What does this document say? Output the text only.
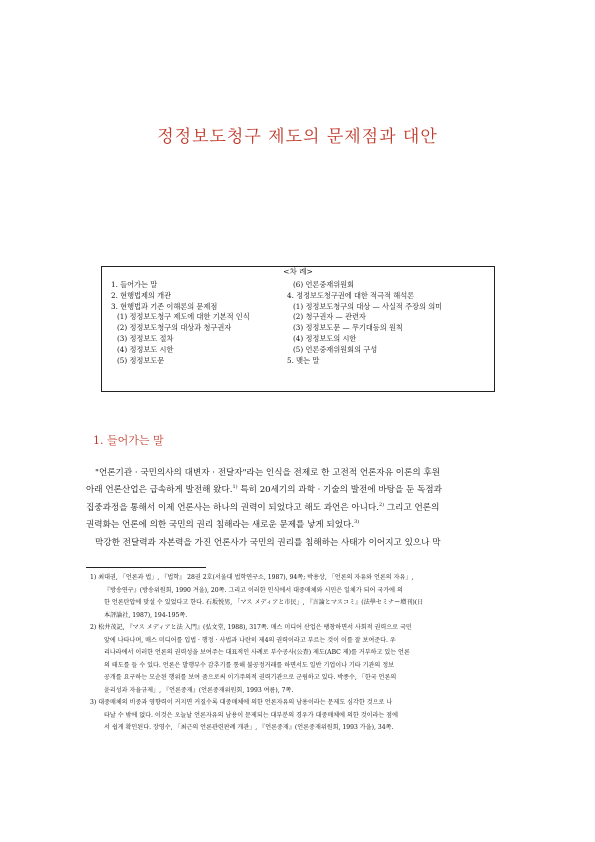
정정보도청구 제도의 문제점과 대안
<차 례>
1. 들어가는 말
2. 현행법제의 개관
3. 현행법과 기존 이해론의 문제점
(1) 정정보도청구 제도에 대한 기본적 인식
(2) 정정보도청구의 대상과 청구권자
(3) 정정보도 절차
(4) 정정보도 시한
(5) 정정보도문
(6) 언론중재위원회
4. 정정보도청구권에 대한 적극적 해석론
(1) 정정보도청구의 대상 — 사실적 주장의 의미
(2) 청구권자 — 관련자
(3) 정정보도문 — 무기대등의 원칙
(4) 정정보도의 시한
(5) 언론중재위원회의 구성
5. 맺는 말
1. 들어가는 말
"언론기관 · 국민의사의 대변자 · 전달자"라는 인식을 전제로 한 고전적 언론자유 이론의 후원
아래 언론산업은 급속하게 발전해 왔다.$^{1)}$ 특히 20세기의 과학 · 기술의 발전에 바탕을 둔 독점과
집중과정을 통해서 이제 언론사는 하나의 권력이 되었다고 해도 과언은 아니다.$^{2)}$ 그리고 언론의
권력화는 언론에 의한 국민의 권리 침해라는 새로운 문제를 낳게 되었다.$^{3)}$
막강한 전달력과 자본력을 가진 언론사가 국민의 권리를 침해하는 사태가 이어지고 있으나 막
1) 최대권, 「언론과 법」, 『법학』 28권 2호(서울대 법학연구소, 1987), 94쪽; 박용상, 「언론의 자유와 언론의 자유」,
『방송연구』(방송위원회, 1990 겨울), 20쪽. 그리고 이러한 인식에서 대중매체와 시민은 일체가 되어 국가에 의
한 언론탄압에 맞설 수 있었다고 한다. 石坂悦男, 「マス メディアと市民」, 『言論とマスコミ』(法學セミナー增刊)(日
本評論社, 1987), 194-195쪽.
2) 松井茂記, 『マス メディアと法 入門』(弘文堂, 1988), 317쪽. 매스 미디어 산업은 팽창하면서 사회적 권력으로 국민
앞에 나타나며, 매스 미디어를 입법 · 행정 · 사법과 나란히 제4의 권력이라고 부르는 것이 이를 잘 보여준다. 우
리나라에서 이러한 언론의 권력성을 보여주는 대표적인 사례로 부수공사(公査) 제도(ABC 제)를 거부하고 있는 언론
의 태도를 들 수 있다. 언론은 발행부수 감추기를 통해 불공정거래를 하면서도 일반 기업이나 기타 기관의 정보
공개를 요구하는 모순된 행위를 보여 줌으로써 이기주의적 권력기관으로 군림하고 있다. 박종수, 「한국 언론의
윤리성과 자율규제」, 『언론중재』(언론중재위원회, 1993 여름), 7쪽.
3) 대중매체의 비중과 영향력이 커지면 커질수록 대중매체에 의한 언론자유의 남용이라는 문제도 심각한 것으로 나
타날 수 밖에 없다. 이것은 오늘날 언론자유의 남용이 문제되는 대부분의 경우가 대중매체에 의한 것이라는 점에
서 쉽게 확인된다. 장영수, 「최근의 언론관련판례 개관」, 『언론중재』(언론중재위원회, 1993 가을), 34쪽.
